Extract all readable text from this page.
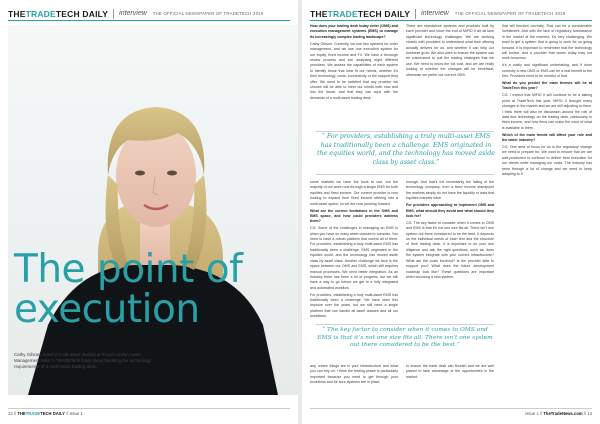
THETRADETECH DAILY interview THE OFFICIAL NEWSPAPER OF TRADETECH 2019
The point of
execution
Cathy Gibson, head of multi-asset dealing at Royal London Asset Management talks to TRADETech Daily about handling the technology requirements of a multi-asset trading desk.
12
//
THETRADETECH DAILY
// issue 1
THETRADETECH DAILY interview THE OFFICIAL NEWSPAPER OF TRADETECH 2019

How does your trading desk today order (OMS) and execution management systems (EMS) to manage its increasingly complex trading landscape?

Cathy Gibson: Currently, we use two systems for order management, and we use one execution system for our equity, fixed income and FX. We have a thorough review process and are analysing eight different providers. We assess the capabilities of each system to identify those that best fit our needs, whether it’s their technology, costs, connectivity or the support they offer. We need to be satisfied that any provider we choose will be able to meet our needs both now and into the future, and that they can cope with the demands of a multi-asset trading desk.

There are standalone systems and products built by each provider and since the end of MiFID II we all face significant technology challenges. We are working closely with providers to understand what their offering actually delivers for us, and whether it can help our business grow. We also want to ensure the system can be customised to suit the trading strategies that we use. We need to know the full cost, and we are really looking at whether the changes will be beneficial, otherwise we prefer our current OMS.

that will function correctly. That can be a considerable investment. And with the lack of regulatory forbearance in the market at the moment, it’s very challenging. We want to get a system that is going to work for us going forward. It is important to remember that the technology will evolve, and a provider that works today may not work tomorrow.

It’s a costly and significant undertaking, and if done correctly a new OMS or EMS can be a real benefit to the firm. Providers need to be mindful of that.

What do you predict the main themes will be at TradeTech this year?

CG: I expect that MiFID II will continue to be a talking point at TradeTech this year. MiFID II brought many changes in the market and we are still adjusting to them. I think there will also be discussion around the role of data and technology on the trading desk, particularly in fixed income, and how firms can make the most of what is available to them.

Which of the main trends will affect your role and the wider industry?

CG: One area of focus for us is the regulatory change we need to prepare for. We want to ensure that we are well-positioned to continue to deliver best execution for our clients while managing our costs. The industry has been through a lot of change and we need to keep adapting to it.

“ For providers, establishing a truly multi-asset EMS has traditionally been a challenge. EMS originated in the equities world, and the technology has moved aside class by asset class.”

some markets we have the tools to use, but the majority of our work runs through a single EMS for both equities and fixed income. Our current provider is now looking to expand their fixed income offering into a multi-asset space, so we are now pushing forward.

What are the current limitations in the OMS and EMS space, and how could providers address them?

CG: Some of the challenges in managing an EMS is when you have so many asset classes to consider. You need to have a robust platform that covers all of them. For providers, establishing a truly multi-asset EMS has traditionally been a challenge. EMS originated in the equities world, and the technology has moved aside class by asset class. Another challenge we face is the space between our OMS and EMS, which still requires manual processes. We need better integration. As an industry there has been a lot of progress, but we still have a way to go before we get to a fully integrated and automated workflow.

For providers, establishing a truly multi-asset EMS has traditionally been a challenge. We have seen this improve over the years, but we still need a single platform that can handle all asset classes and all our workflows.

enough. And that’s not necessarily the failing of the technology company; from a fixed income standpoint the markets simply do not have the liquidity or data that equities markets have.

For providers approaching to implement OMS and EMS, what should they avoid and what should they look for?

CG: The key factor to consider when it comes to OMS and EMS is that it’s not one size fits all. There isn’t one system out there considered to be the best. It depends on the individual needs of each firm and the structure of their trading desk. It is important to do your due diligence and ask the right questions, such as: does the system integrate with your current infrastructure? What are the costs involved? Is the provider able to support you? What does the future development roadmap look like? These questions are important when choosing a new system.

“ The key factor to consider when it comes to OMS and EMS is that it’s not one size fits all. There isn’t one system out there considered to be the best.”

any, where things are in your infrastructure and what you can rely on. I think the testing phase is particularly important because you need to get through your workflows and be sure systems are in place.

to ensure the trade desk can flourish and we are well placed to take advantage of the opportunities in the market.

issue 1
//
TheTradeNews.com
// 13
